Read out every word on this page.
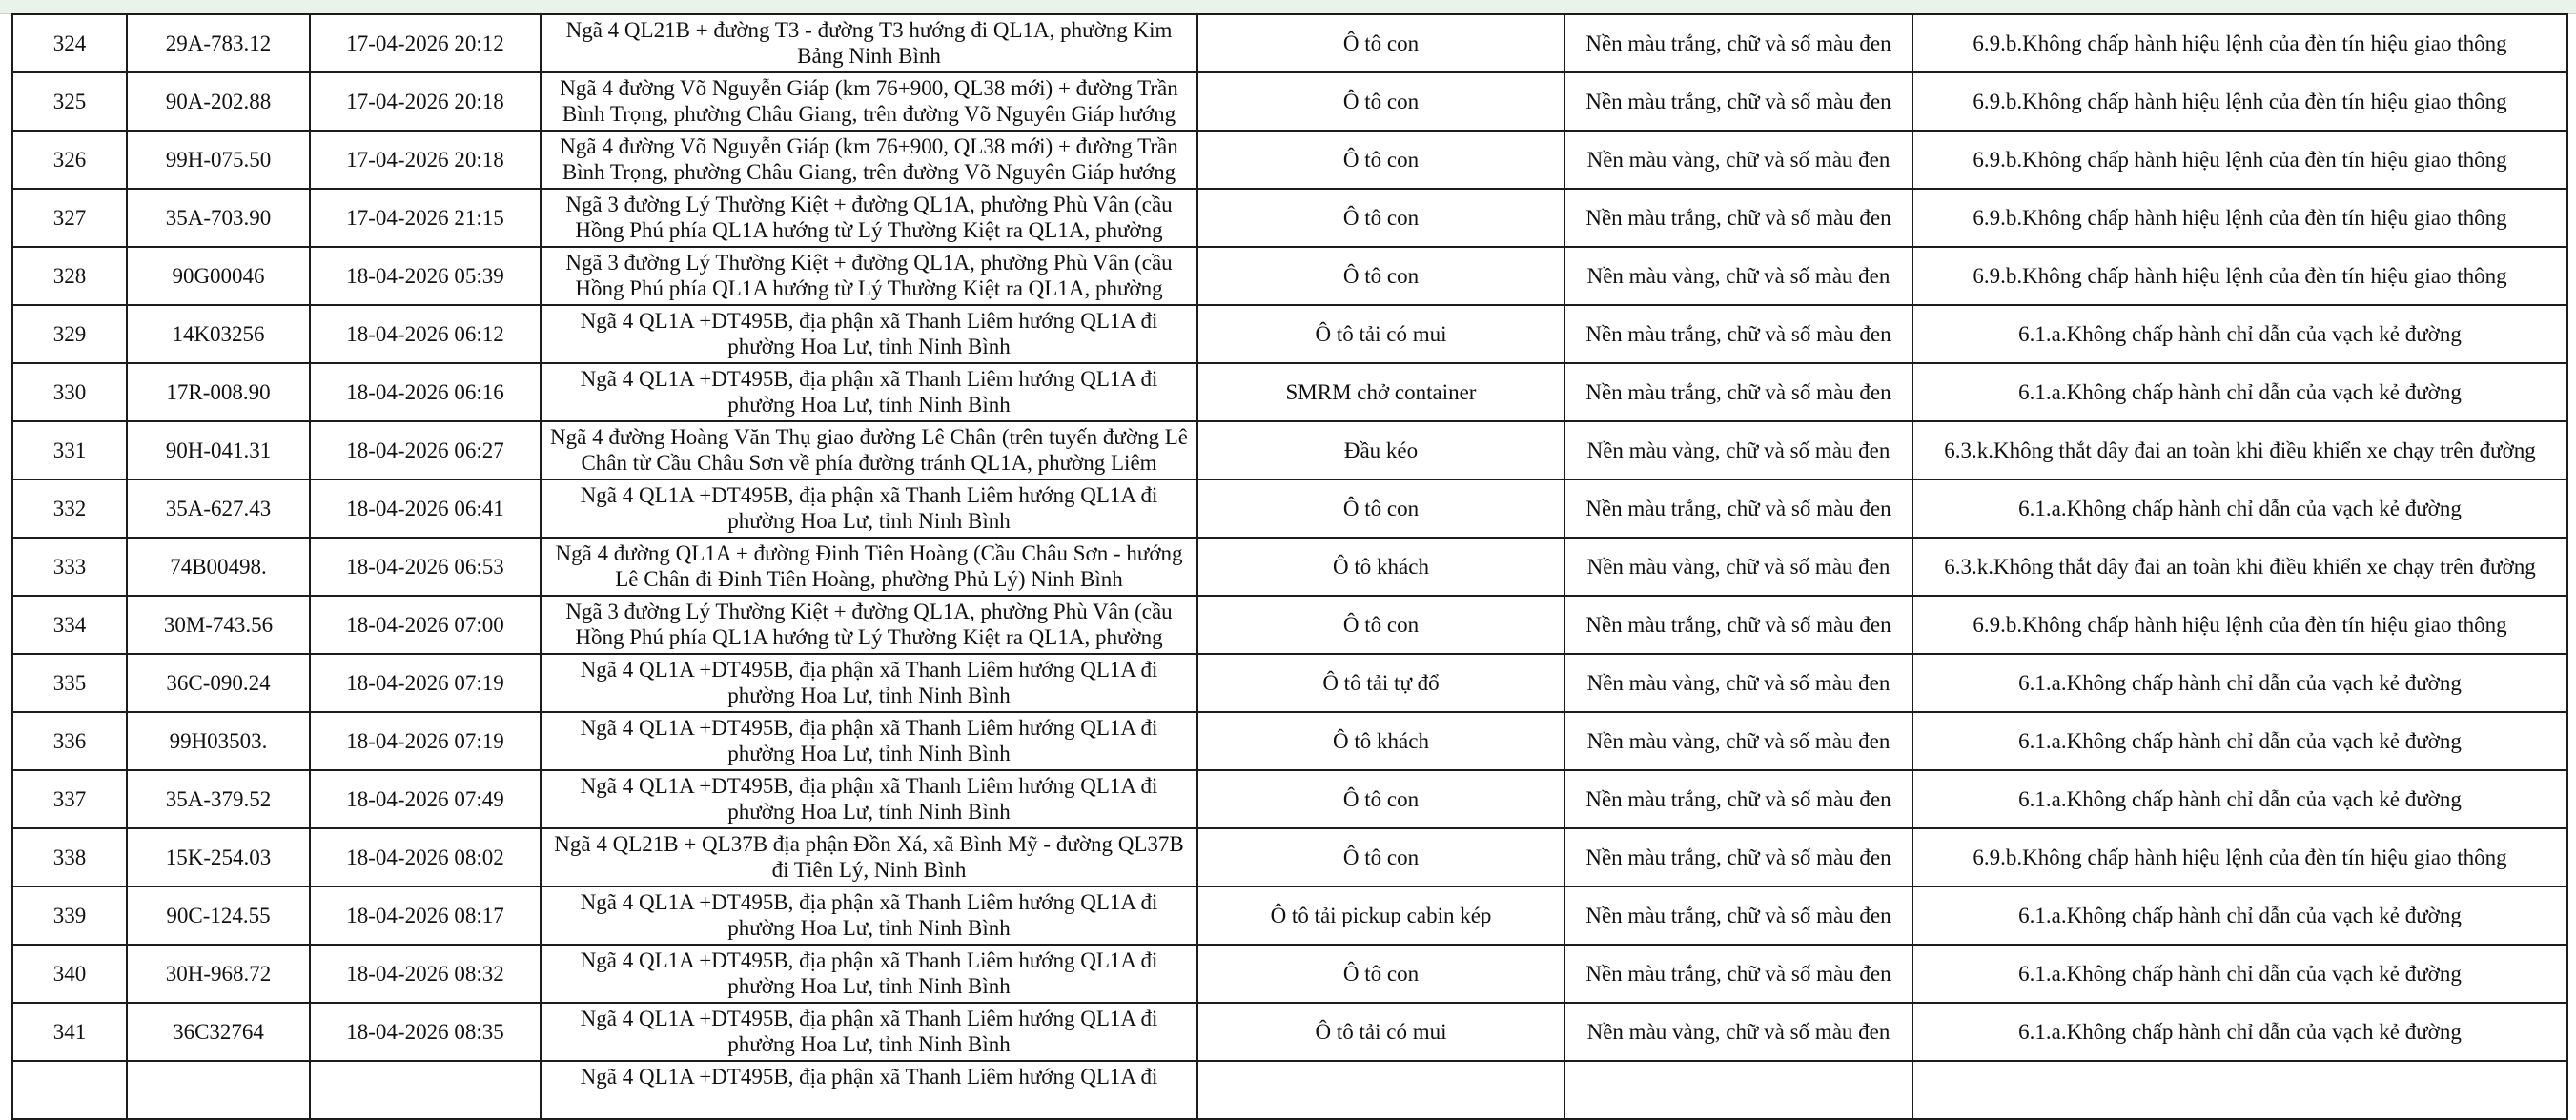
324	29A-783.12	17-04-2026 20:12	Ngã 4 QL21B + đường T3 - đường T3 hướng đi QL1A, phường Kim Bảng Ninh Bình	Ô tô con	Nền màu trắng, chữ và số màu đen	6.9.b.Không chấp hành hiệu lệnh của đèn tín hiệu giao thông
325	90A-202.88	17-04-2026 20:18	Ngã 4 đường Võ Nguyễn Giáp (km 76+900, QL38 mới) + đường Trần Bình Trọng, phường Châu Giang, trên đường Võ Nguyên Giáp hướng	Ô tô con	Nền màu trắng, chữ và số màu đen	6.9.b.Không chấp hành hiệu lệnh của đèn tín hiệu giao thông
326	99H-075.50	17-04-2026 20:18	Ngã 4 đường Võ Nguyễn Giáp (km 76+900, QL38 mới) + đường Trần Bình Trọng, phường Châu Giang, trên đường Võ Nguyên Giáp hướng	Ô tô con	Nền màu vàng, chữ và số màu đen	6.9.b.Không chấp hành hiệu lệnh của đèn tín hiệu giao thông
327	35A-703.90	17-04-2026 21:15	Ngã 3 đường Lý Thường Kiệt + đường QL1A, phường Phù Vân (cầu Hồng Phú phía QL1A hướng từ Lý Thường Kiệt ra QL1A, phường	Ô tô con	Nền màu trắng, chữ và số màu đen	6.9.b.Không chấp hành hiệu lệnh của đèn tín hiệu giao thông
328	90G00046	18-04-2026 05:39	Ngã 3 đường Lý Thường Kiệt + đường QL1A, phường Phù Vân (cầu Hồng Phú phía QL1A hướng từ Lý Thường Kiệt ra QL1A, phường	Ô tô con	Nền màu vàng, chữ và số màu đen	6.9.b.Không chấp hành hiệu lệnh của đèn tín hiệu giao thông
329	14K03256	18-04-2026 06:12	Ngã 4 QL1A +DT495B, địa phận xã Thanh Liêm hướng QL1A đi phường Hoa Lư, tỉnh Ninh Bình	Ô tô tải có mui	Nền màu trắng, chữ và số màu đen	6.1.a.Không chấp hành chỉ dẫn của vạch kẻ đường
330	17R-008.90	18-04-2026 06:16	Ngã 4 QL1A +DT495B, địa phận xã Thanh Liêm hướng QL1A đi phường Hoa Lư, tỉnh Ninh Bình	SMRM chở container	Nền màu trắng, chữ và số màu đen	6.1.a.Không chấp hành chỉ dẫn của vạch kẻ đường
331	90H-041.31	18-04-2026 06:27	Ngã 4 đường Hoàng Văn Thụ giao đường Lê Chân (trên tuyến đường Lê Chân từ Cầu Châu Sơn về phía đường tránh QL1A, phường Liêm	Đầu kéo	Nền màu vàng, chữ và số màu đen	6.3.k.Không thắt dây đai an toàn khi điều khiển xe chạy trên đường
332	35A-627.43	18-04-2026 06:41	Ngã 4 QL1A +DT495B, địa phận xã Thanh Liêm hướng QL1A đi phường Hoa Lư, tỉnh Ninh Bình	Ô tô con	Nền màu trắng, chữ và số màu đen	6.1.a.Không chấp hành chỉ dẫn của vạch kẻ đường
333	74B00498.	18-04-2026 06:53	Ngã 4 đường QL1A + đường Đinh Tiên Hoàng (Cầu Châu Sơn - hướng Lê Chân đi Đinh Tiên Hoàng, phường Phủ Lý) Ninh Bình	Ô tô khách	Nền màu vàng, chữ và số màu đen	6.3.k.Không thắt dây đai an toàn khi điều khiển xe chạy trên đường
334	30M-743.56	18-04-2026 07:00	Ngã 3 đường Lý Thường Kiệt + đường QL1A, phường Phù Vân (cầu Hồng Phú phía QL1A hướng từ Lý Thường Kiệt ra QL1A, phường	Ô tô con	Nền màu trắng, chữ và số màu đen	6.9.b.Không chấp hành hiệu lệnh của đèn tín hiệu giao thông
335	36C-090.24	18-04-2026 07:19	Ngã 4 QL1A +DT495B, địa phận xã Thanh Liêm hướng QL1A đi phường Hoa Lư, tỉnh Ninh Bình	Ô tô tải tự đổ	Nền màu vàng, chữ và số màu đen	6.1.a.Không chấp hành chỉ dẫn của vạch kẻ đường
336	99H03503.	18-04-2026 07:19	Ngã 4 QL1A +DT495B, địa phận xã Thanh Liêm hướng QL1A đi phường Hoa Lư, tỉnh Ninh Bình	Ô tô khách	Nền màu vàng, chữ và số màu đen	6.1.a.Không chấp hành chỉ dẫn của vạch kẻ đường
337	35A-379.52	18-04-2026 07:49	Ngã 4 QL1A +DT495B, địa phận xã Thanh Liêm hướng QL1A đi phường Hoa Lư, tỉnh Ninh Bình	Ô tô con	Nền màu trắng, chữ và số màu đen	6.1.a.Không chấp hành chỉ dẫn của vạch kẻ đường
338	15K-254.03	18-04-2026 08:02	Ngã 4 QL21B + QL37B địa phận Đồn Xá, xã Bình Mỹ - đường QL37B đi Tiên Lý, Ninh Bình	Ô tô con	Nền màu trắng, chữ và số màu đen	6.9.b.Không chấp hành hiệu lệnh của đèn tín hiệu giao thông
339	90C-124.55	18-04-2026 08:17	Ngã 4 QL1A +DT495B, địa phận xã Thanh Liêm hướng QL1A đi phường Hoa Lư, tỉnh Ninh Bình	Ô tô tải pickup cabin kép	Nền màu trắng, chữ và số màu đen	6.1.a.Không chấp hành chỉ dẫn của vạch kẻ đường
340	30H-968.72	18-04-2026 08:32	Ngã 4 QL1A +DT495B, địa phận xã Thanh Liêm hướng QL1A đi phường Hoa Lư, tỉnh Ninh Bình	Ô tô con	Nền màu trắng, chữ và số màu đen	6.1.a.Không chấp hành chỉ dẫn của vạch kẻ đường
341	36C32764	18-04-2026 08:35	Ngã 4 QL1A +DT495B, địa phận xã Thanh Liêm hướng QL1A đi phường Hoa Lư, tỉnh Ninh Bình	Ô tô tải có mui	Nền màu vàng, chữ và số màu đen	6.1.a.Không chấp hành chỉ dẫn của vạch kẻ đường

			Ngã 4 QL1A +DT495B, địa phận xã Thanh Liêm hướng QL1A đi			
